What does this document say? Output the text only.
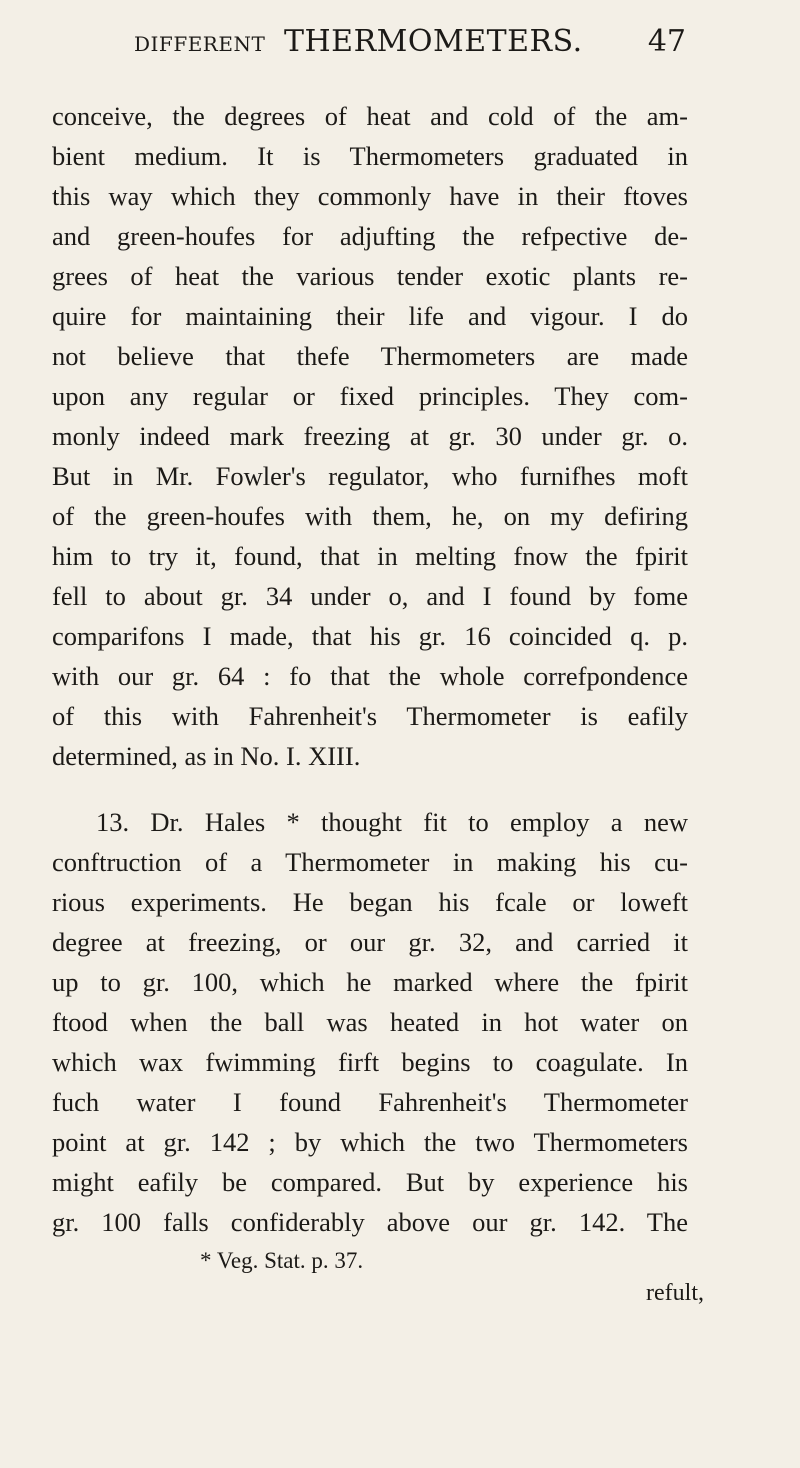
DIFFERENT THERMOMETERS. 47
conceive, the degrees of heat and cold of the am-
bient medium. It is Thermometers graduated in
this way which they commonly have in their ftoves
and green-houfes for adjufting the refpective de-
grees of heat the various tender exotic plants re-
quire for maintaining their life and vigour. I do
not believe that thefe Thermometers are made
upon any regular or fixed principles. They com-
monly indeed mark freezing at gr. 30 under gr. o.
But in Mr. Fowler's regulator, who furnifhes moft
of the green-houfes with them, he, on my defiring
him to try it, found, that in melting fnow the fpirit
fell to about gr. 34 under o, and I found by fome
comparifons I made, that his gr. 16 coincided q. p.
with our gr. 64 : fo that the whole correfpondence
of this with Fahrenheit's Thermometer is eafily
determined, as in No. I. XIII.
13. Dr. Hales * thought fit to employ a new
conftruction of a Thermometer in making his cu-
rious experiments. He began his fcale or loweft
degree at freezing, or our gr. 32, and carried it
up to gr. 100, which he marked where the fpirit
ftood when the ball was heated in hot water on
which wax fwimming firft begins to coagulate. In
fuch water I found Fahrenheit's Thermometer
point at gr. 142 ; by which the two Thermometers
might eafily be compared. But by experience his
gr. 100 falls confiderably above our gr. 142. The
* Veg. Stat. p. 37.
refult,
